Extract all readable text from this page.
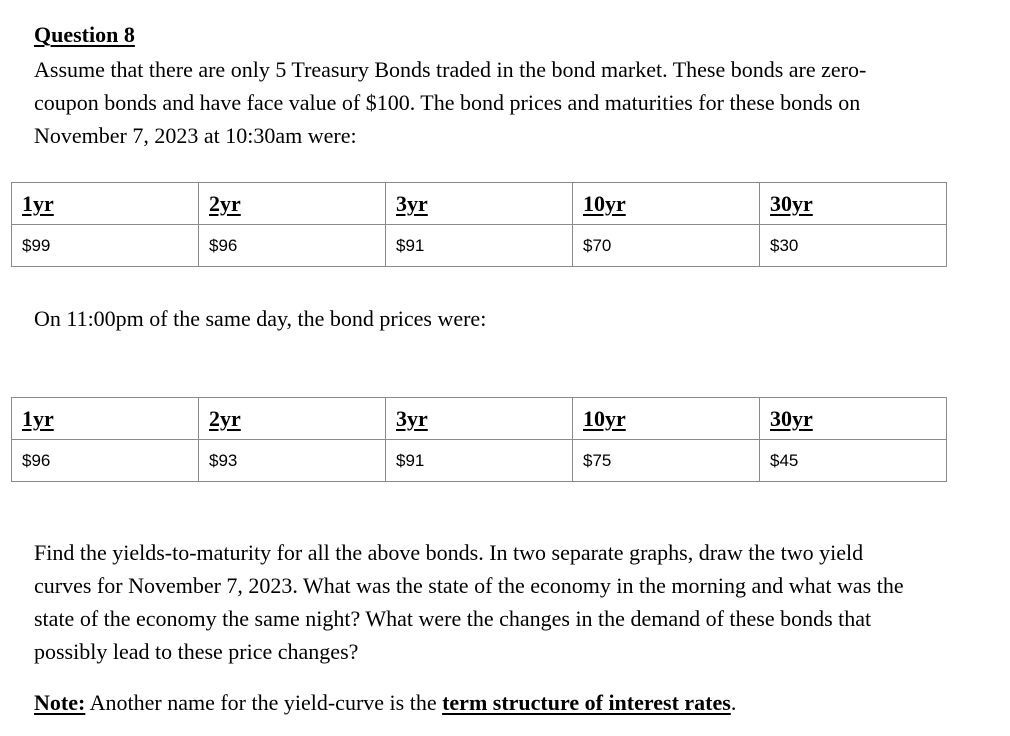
Question 8
Assume that there are only 5 Treasury Bonds traded in the bond market. These bonds are zero-
coupon bonds and have face value of $100. The bond prices and maturities for these bonds on
November 7, 2023 at 10:30am were:
1yr	2yr	3yr	10yr	30yr
$99	$96	$91	$70	$30
On 11:00pm of the same day, the bond prices were:
1yr	2yr	3yr	10yr	30yr
$96	$93	$91	$75	$45
Find the yields-to-maturity for all the above bonds. In two separate graphs, draw the two yield
curves for November 7, 2023. What was the state of the economy in the morning and what was the
state of the economy the same night? What were the changes in the demand of these bonds that
possibly lead to these price changes?
Note: Another name for the yield-curve is the term structure of interest rates.
